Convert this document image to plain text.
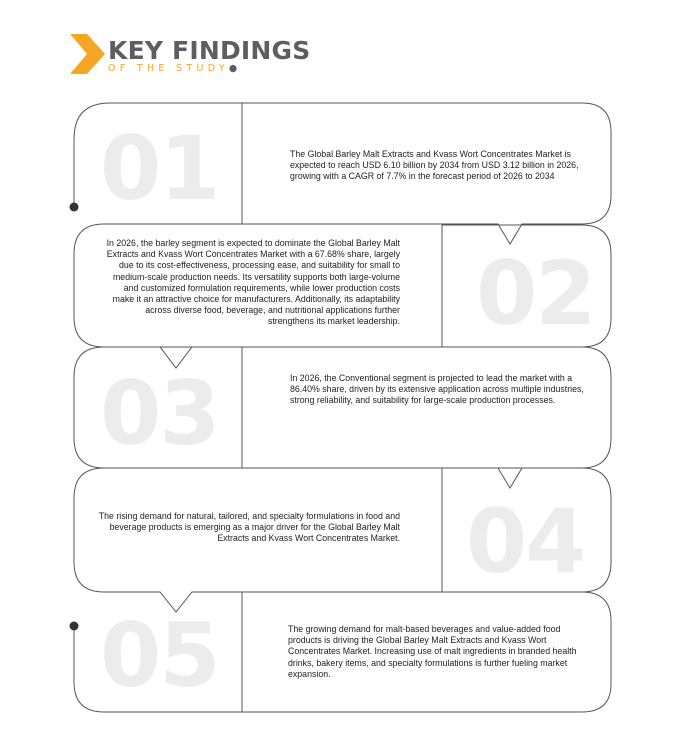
KEY FINDINGS
OF THE STUDY●
01	The Global Barley Malt Extracts and Kvass Wort Concentrates Market is expected to reach USD 6.10 billion by 2034 from USD 3.12 billion in 2026, growing with a CAGR of 7.7% in the forecast period of 2026 to 2034
In 2026, the barley segment is expected to dominate the Global Barley Malt Extracts and Kvass Wort Concentrates Market with a 67.68% share, largely due to its cost-effectiveness, processing ease, and suitability for small to medium-scale production needs. Its versatility supports both large-volume and customized formulation requirements, while lower production costs make it an attractive choice for manufacturers. Additionally, its adaptability across diverse food, beverage, and nutritional applications further strengthens its market leadership. 02
03	In 2026, the Conventional segment is projected to lead the market with a 86.40% share, driven by its extensive application across multiple industries, strong reliability, and suitability for large-scale production processes.
The rising demand for natural, tailored, and specialty formulations in food and beverage products is emerging as a major driver for the Global Barley Malt Extracts and Kvass Wort Concentrates Market. 04
05	The growing demand for malt-based beverages and value-added food products is driving the Global Barley Malt Extracts and Kvass Wort Concentrates Market. Increasing use of malt ingredients in branded health drinks, bakery items, and specialty formulations is further fueling market expansion.
